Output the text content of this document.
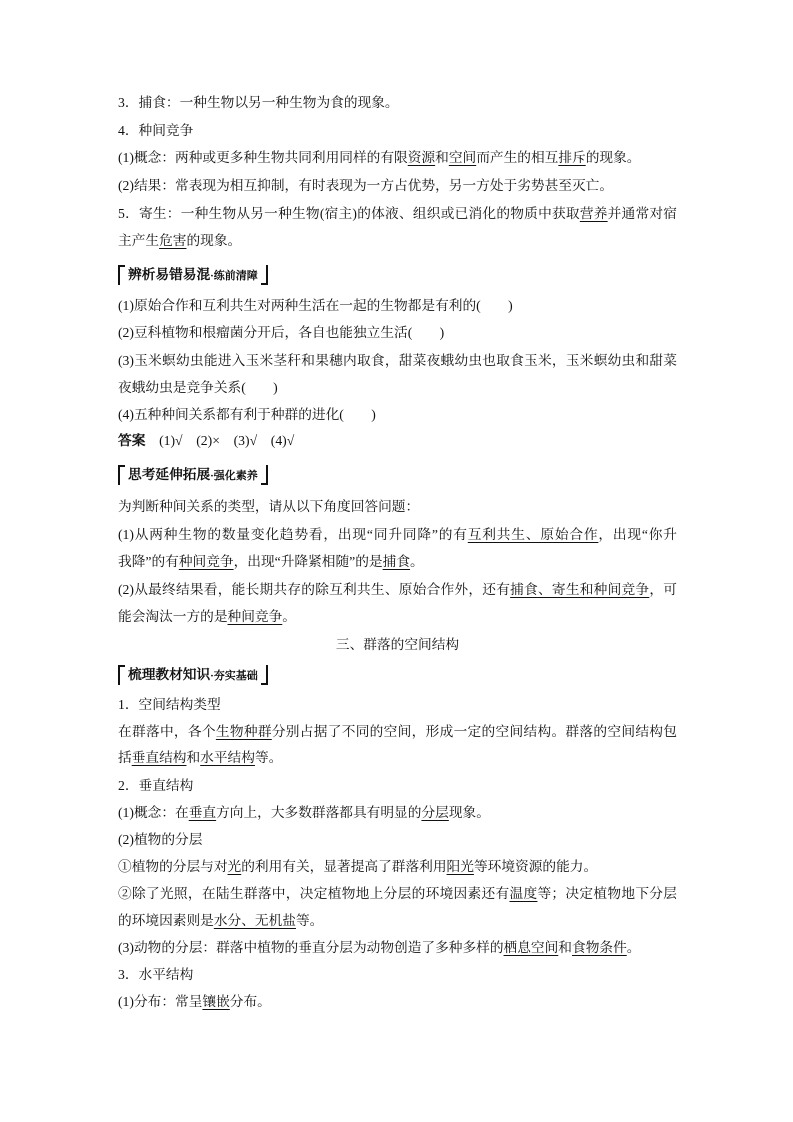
3．捕食：一种生物以另一种生物为食的现象。
4．种间竞争
(1)概念：两种或更多种生物共同利用同样的有限资源和空间而产生的相互排斥的现象。
(2)结果：常表现为相互抑制，有时表现为一方占优势，另一方处于劣势甚至灭亡。
5．寄生：一种生物从另一种生物(宿主)的体液、组织或已消化的物质中获取营养并通常对宿
主产生危害的现象。
辨析易错易混·练前清障
(1)原始合作和互利共生对两种生活在一起的生物都是有利的(　　)
(2)豆科植物和根瘤菌分开后，各自也能独立生活(　　)
(3)玉米螟幼虫能进入玉米茎秆和果穗内取食，甜菜夜蛾幼虫也取食玉米，玉米螟幼虫和甜菜
夜蛾幼虫是竞争关系(　　)
(4)五种种间关系都有利于种群的进化(　　)
答案　(1)√　(2)×　(3)√　(4)√
思考延伸拓展·强化素养
为判断种间关系的类型，请从以下角度回答问题：
(1)从两种生物的数量变化趋势看，出现“同升同降”的有互利共生、原始合作，出现“你升
我降”的有种间竞争，出现“升降紧相随”的是捕食。
(2)从最终结果看，能长期共存的除互利共生、原始合作外，还有捕食、寄生和种间竞争，可
能会淘汰一方的是种间竞争。
三、群落的空间结构
梳理教材知识·夯实基础
1．空间结构类型
在群落中，各个生物种群分别占据了不同的空间，形成一定的空间结构。群落的空间结构包
括垂直结构和水平结构等。
2．垂直结构
(1)概念：在垂直方向上，大多数群落都具有明显的分层现象。
(2)植物的分层
①植物的分层与对光的利用有关，显著提高了群落利用阳光等环境资源的能力。
②除了光照，在陆生群落中，决定植物地上分层的环境因素还有温度等；决定植物地下分层
的环境因素则是水分、无机盐等。
(3)动物的分层：群落中植物的垂直分层为动物创造了多种多样的栖息空间和食物条件。
3．水平结构
(1)分布：常呈镶嵌分布。
